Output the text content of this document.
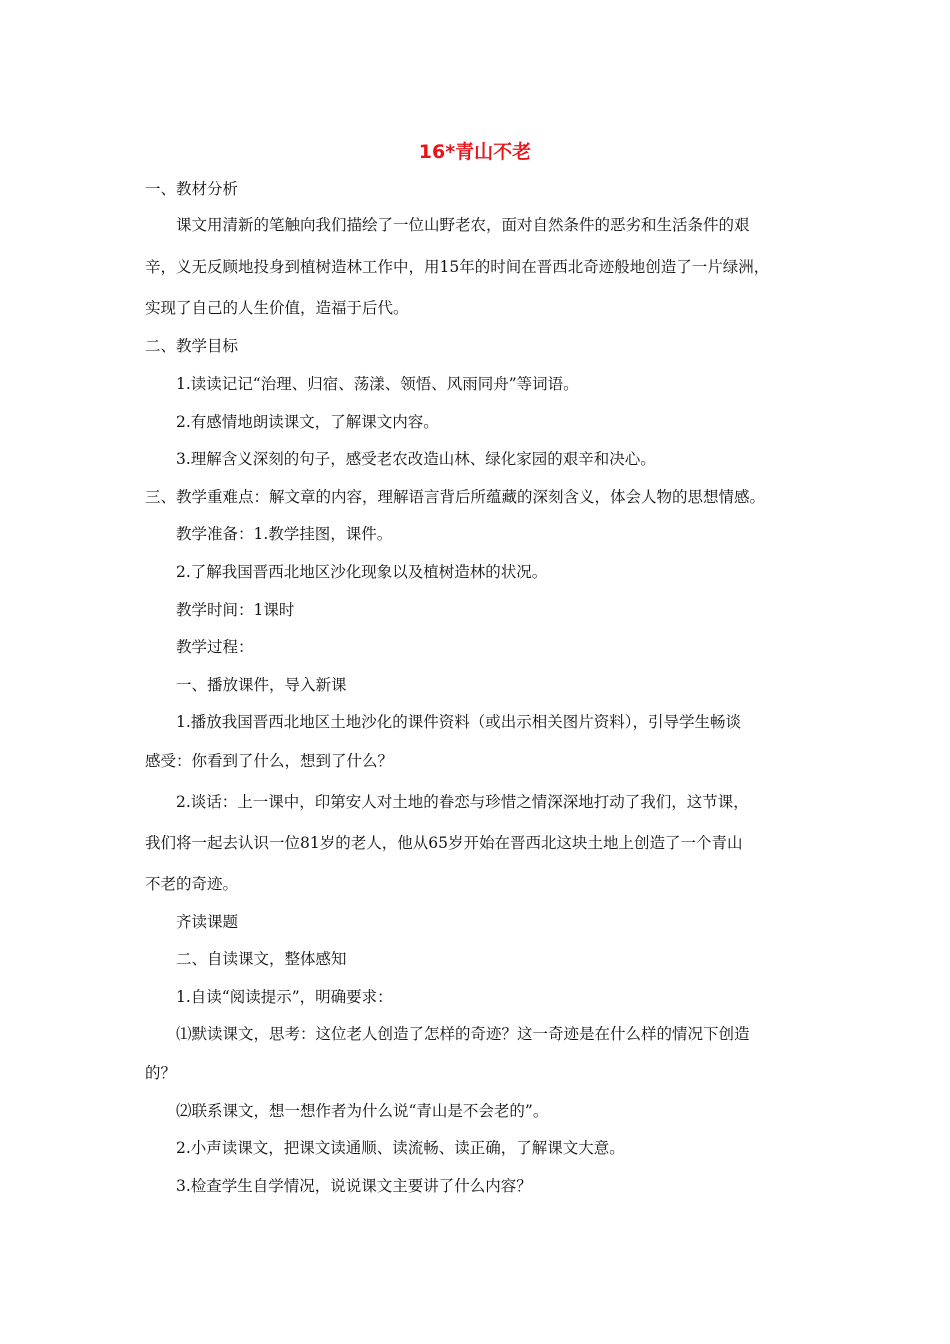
16*青山不老
一、教材分析
课文用清新的笔触向我们描绘了一位山野老农，面对自然条件的恶劣和生活条件的艰
辛，义无反顾地投身到植树造林工作中，用15年的时间在晋西北奇迹般地创造了一片绿洲，
实现了自己的人生价值，造福于后代。
二、教学目标
1.读读记记“治理、归宿、荡漾、领悟、风雨同舟”等词语。
2.有感情地朗读课文，了解课文内容。
3.理解含义深刻的句子，感受老农改造山林、绿化家园的艰辛和决心。
三、教学重难点：解文章的内容，理解语言背后所蕴藏的深刻含义，体会人物的思想情感。
教学准备：1.教学挂图，课件。
2.了解我国晋西北地区沙化现象以及植树造林的状况。
教学时间：1课时
教学过程：
一、播放课件，导入新课
1.播放我国晋西北地区土地沙化的课件资料（或出示相关图片资料），引导学生畅谈
感受：你看到了什么，想到了什么？
2.谈话：上一课中，印第安人对土地的眷恋与珍惜之情深深地打动了我们，这节课，
我们将一起去认识一位81岁的老人，他从65岁开始在晋西北这块土地上创造了一个青山
不老的奇迹。
齐读课题
二、自读课文，整体感知
1.自读“阅读提示”，明确要求：
⑴默读课文，思考：这位老人创造了怎样的奇迹？这一奇迹是在什么样的情况下创造
的？
⑵联系课文，想一想作者为什么说“青山是不会老的”。
2.小声读课文，把课文读通顺、读流畅、读正确，了解课文大意。
3.检查学生自学情况，说说课文主要讲了什么内容？
